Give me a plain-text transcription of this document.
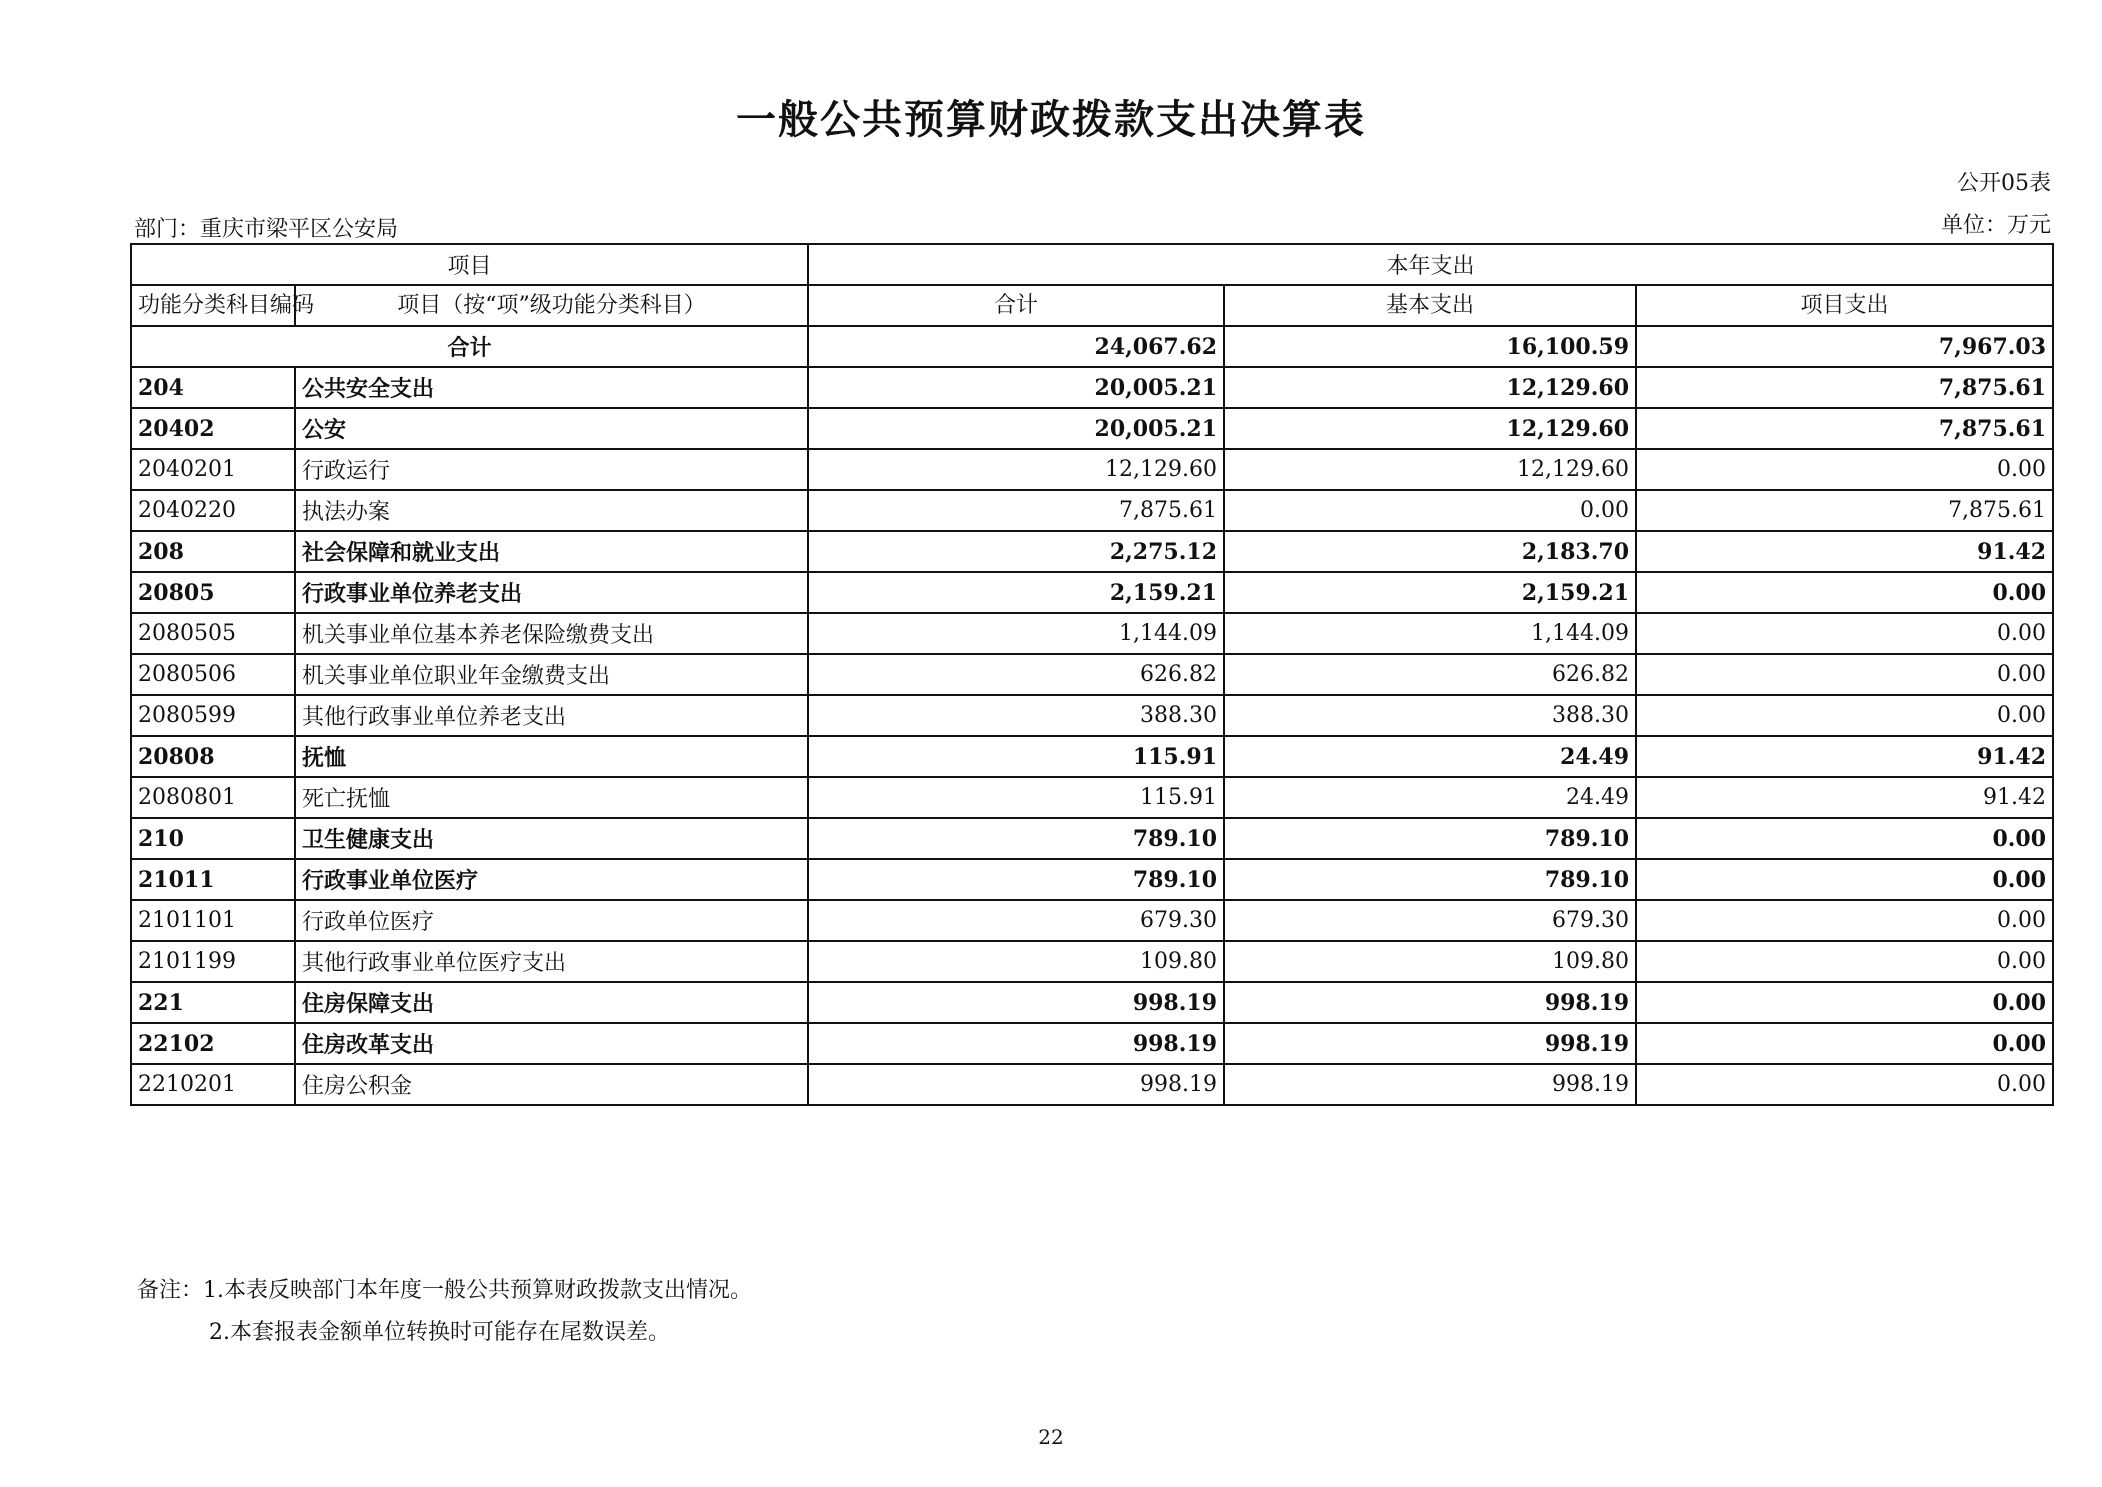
一般公共预算财政拨款支出决算表
公开05表
部门：重庆市梁平区公安局	单位：万元
项目		本年支出		
功能分类科目编码	项目（按“项”级功能分类科目）	合计	基本支出	项目支出
合计		24,067.62	16,100.59	7,967.03
204	公共安全支出	20,005.21	12,129.60	7,875.61
20402	公安	20,005.21	12,129.60	7,875.61
2040201	行政运行	12,129.60	12,129.60	0.00
2040220	执法办案	7,875.61	0.00	7,875.61
208	社会保障和就业支出	2,275.12	2,183.70	91.42
20805	行政事业单位养老支出	2,159.21	2,159.21	0.00
2080505	机关事业单位基本养老保险缴费支出	1,144.09	1,144.09	0.00
2080506	机关事业单位职业年金缴费支出	626.82	626.82	0.00
2080599	其他行政事业单位养老支出	388.30	388.30	0.00
20808	抚恤	115.91	24.49	91.42
2080801	死亡抚恤	115.91	24.49	91.42
210	卫生健康支出	789.10	789.10	0.00
21011	行政事业单位医疗	789.10	789.10	0.00
2101101	行政单位医疗	679.30	679.30	0.00
2101199	其他行政事业单位医疗支出	109.80	109.80	0.00
221	住房保障支出	998.19	998.19	0.00
22102	住房改革支出	998.19	998.19	0.00
2210201	住房公积金	998.19	998.19	0.00
备注：1.本表反映部门本年度一般公共预算财政拨款支出情况。
2.本套报表金额单位转换时可能存在尾数误差。
22
